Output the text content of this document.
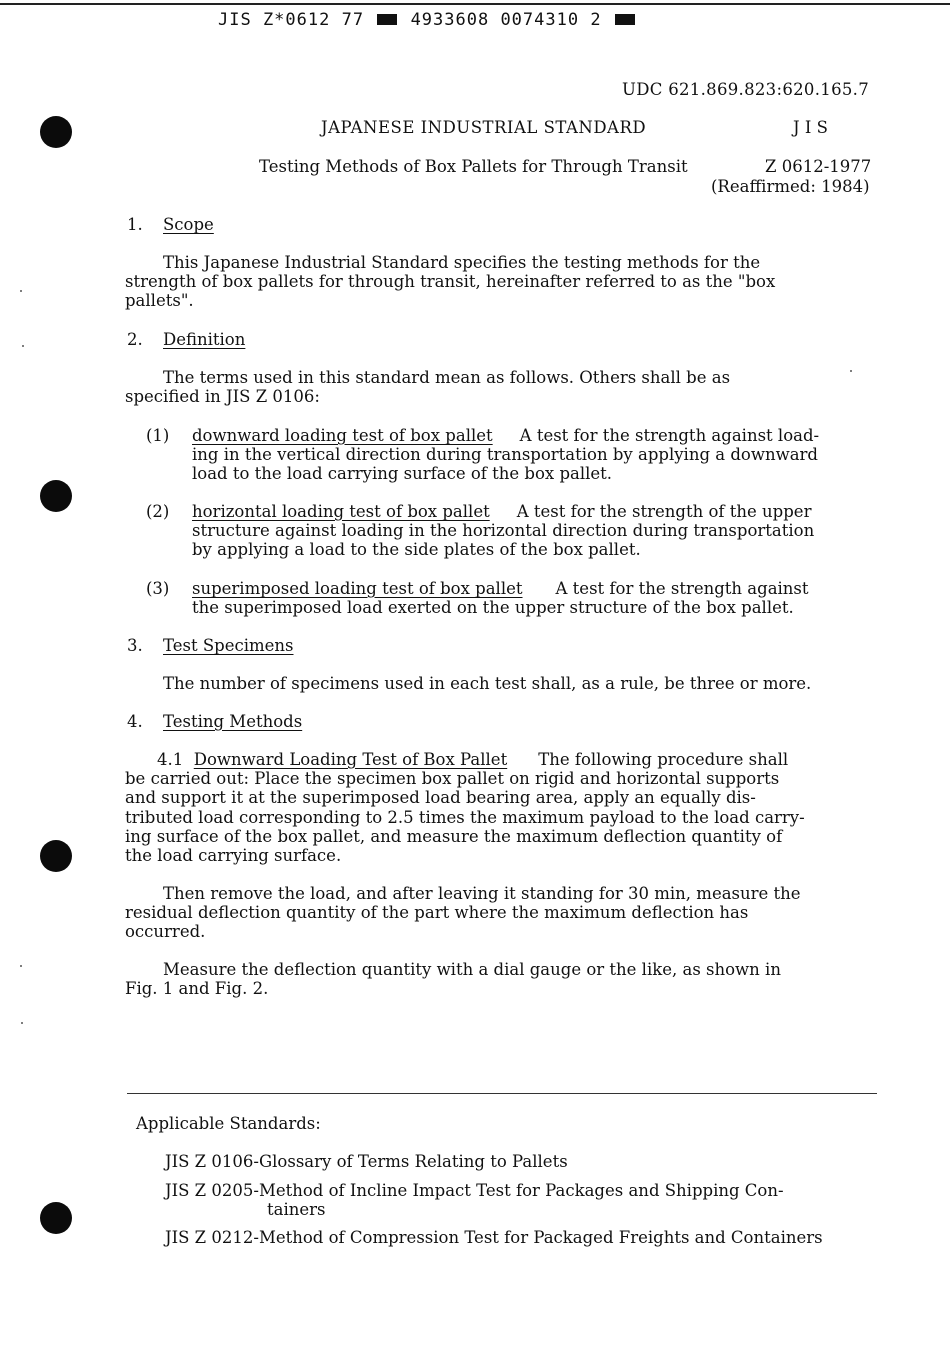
JIS Z*0612 77	4933608 0074310 2
UDC 621.869.823:620.165.7
JAPANESE INDUSTRIAL STANDARD	J I S
Testing Methods of Box Pallets for Through Transit	Z 0612-1977
(Reaffirmed: 1984)
1. Scope
This Japanese Industrial Standard specifies the testing methods for the
strength of box pallets for through transit, hereinafter referred to as the "box
pallets".
2. Definition
The terms used in this standard mean as follows. Others shall be as
specified in JIS Z 0106:
(1) downward loading test of box pallet A test for the strength against load-
ing in the vertical direction during transportation by applying a downward
load to the load carrying surface of the box pallet.
(2) horizontal loading test of box pallet A test for the strength of the upper
structure against loading in the horizontal direction during transportation
by applying a load to the side plates of the box pallet.
(3) superimposed loading test of box pallet A test for the strength against
the superimposed load exerted on the upper structure of the box pallet.
3. Test Specimens
The number of specimens used in each test shall, as a rule, be three or more.
4. Testing Methods
4.1 Downward Loading Test of Box Pallet The following procedure shall
be carried out: Place the specimen box pallet on rigid and horizontal supports
and support it at the superimposed load bearing area, apply an equally dis-
tributed load corresponding to 2.5 times the maximum payload to the load carry-
ing surface of the box pallet, and measure the maximum deflection quantity of
the load carrying surface.
Then remove the load, and after leaving it standing for 30 min, measure the
residual deflection quantity of the part where the maximum deflection has
occurred.
Measure the deflection quantity with a dial gauge or the like, as shown in
Fig. 1 and Fig. 2.
Applicable Standards:
JIS Z 0106-Glossary of Terms Relating to Pallets
JIS Z 0205-Method of Incline Impact Test for Packages and Shipping Con-
tainers
JIS Z 0212-Method of Compression Test for Packaged Freights and Containers
